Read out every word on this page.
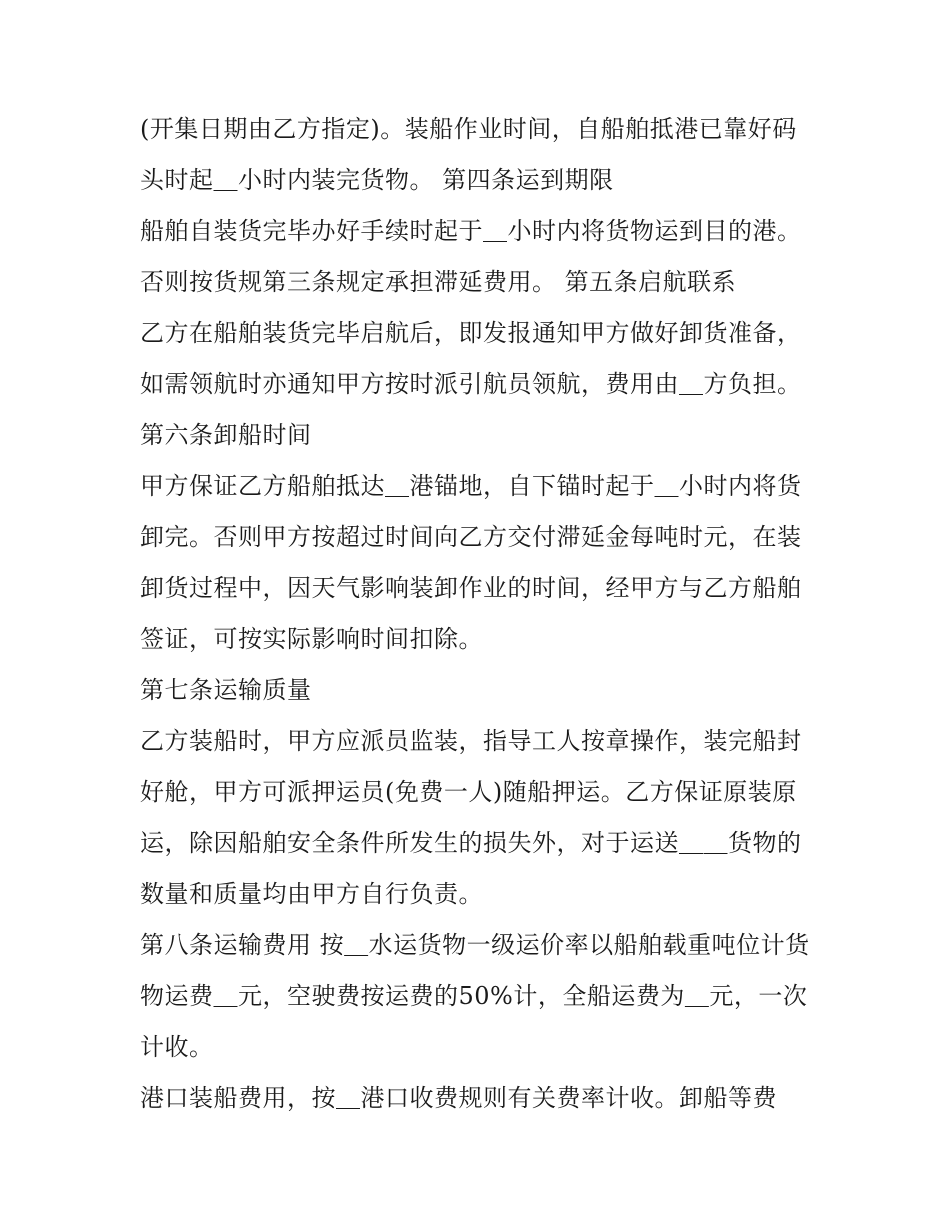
(开集日期由乙方指定)。装船作业时间，自船舶抵港已靠好码
头时起＿小时内装完货物。 第四条运到期限
船舶自装货完毕办好手续时起于＿小时内将货物运到目的港。
否则按货规第三条规定承担滞延费用。 第五条启航联系
乙方在船舶装货完毕启航后，即发报通知甲方做好卸货准备，
如需领航时亦通知甲方按时派引航员领航，费用由＿方负担。
第六条卸船时间
甲方保证乙方船舶抵达＿港锚地，自下锚时起于＿小时内将货
卸完。否则甲方按超过时间向乙方交付滞延金每吨时元，在装
卸货过程中，因天气影响装卸作业的时间，经甲方与乙方船舶
签证，可按实际影响时间扣除。
第七条运输质量
乙方装船时，甲方应派员监装，指导工人按章操作，装完船封
好舱，甲方可派押运员(免费一人)随船押运。乙方保证原装原
运，除因船舶安全条件所发生的损失外，对于运送＿＿货物的
数量和质量均由甲方自行负责。
第八条运输费用 按＿水运货物一级运价率以船舶载重吨位计货
物运费＿元，空驶费按运费的50%计，全船运费为＿元，一次
计收。
港口装船费用，按＿港口收费规则有关费率计收。卸船等费
